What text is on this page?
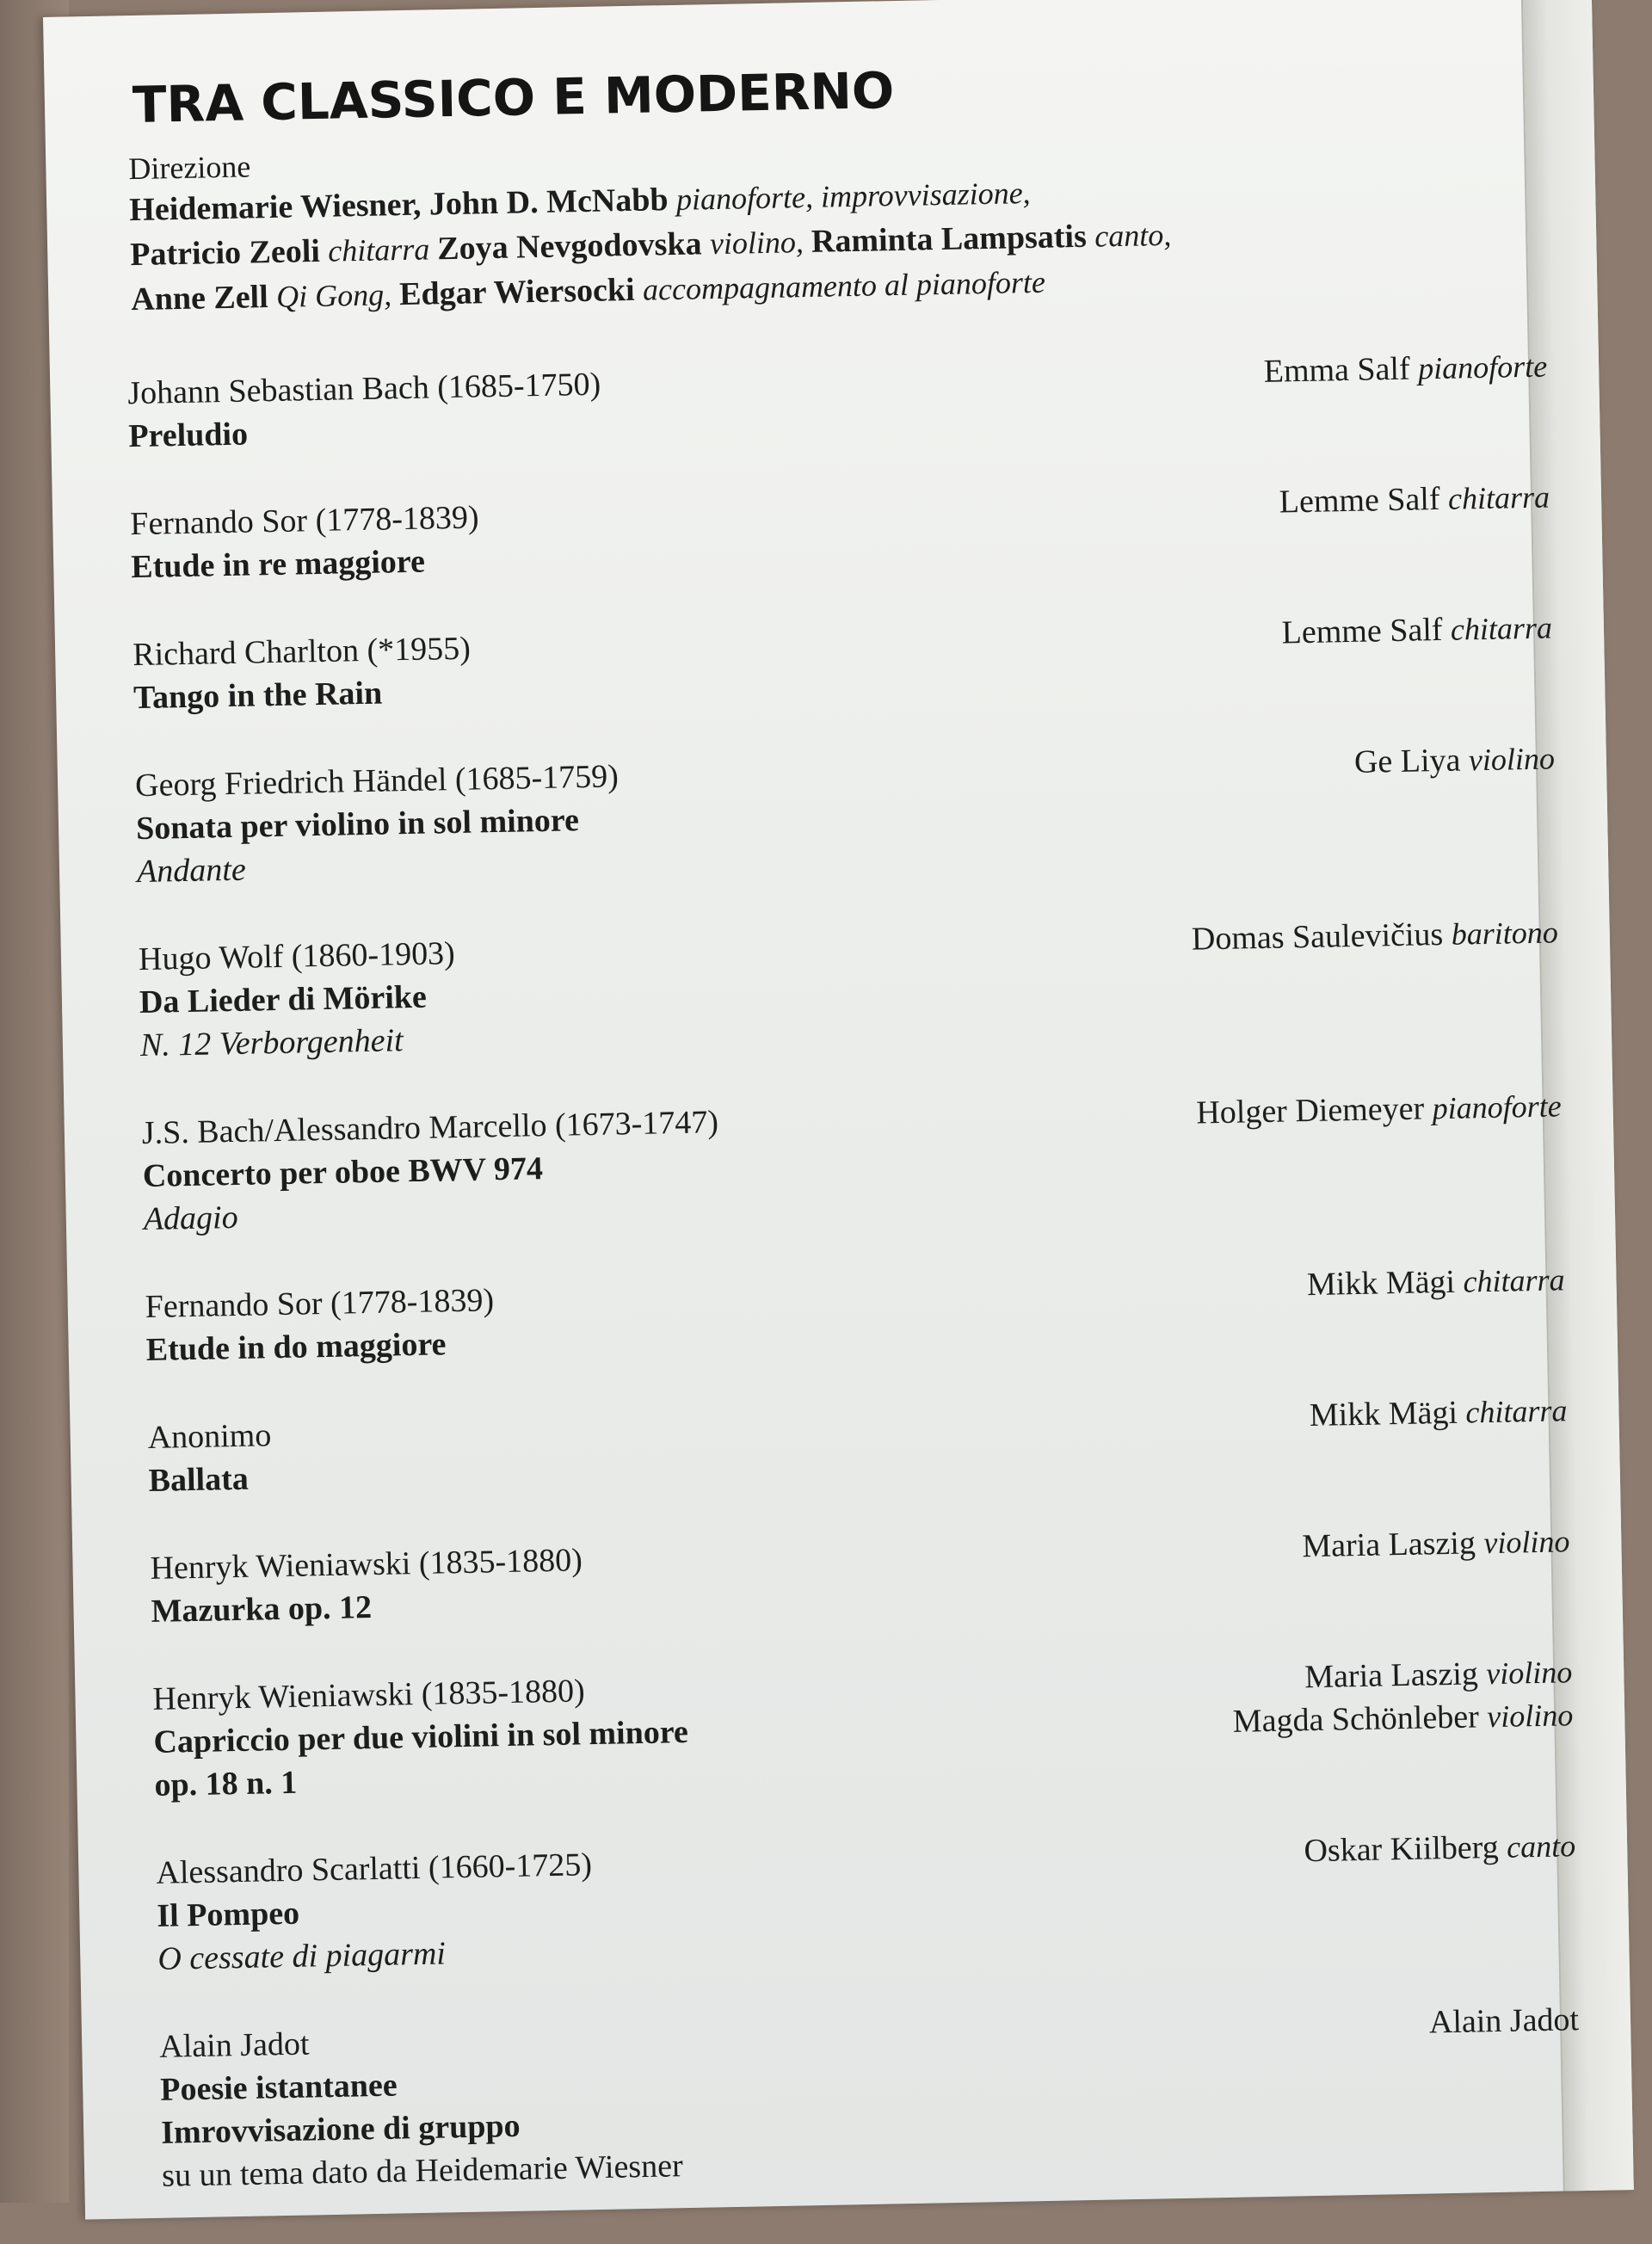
TRA CLASSICO E MODERNO
Direzione
Heidemarie Wiesner, John D. McNabb pianoforte, improvvisazione,
Patricio Zeoli chitarra Zoya Nevgodovska violino, Raminta Lampsatis canto,
Anne Zell Qi Gong, Edgar Wiersocki accompagnamento al pianoforte
Johann Sebastian Bach (1685-1750)
Preludio
Emma Salf pianoforte
Fernando Sor (1778-1839)
Etude in re maggiore
Lemme Salf chitarra
Richard Charlton (*1955)
Tango in the Rain
Lemme Salf chitarra
Georg Friedrich Händel (1685-1759)
Sonata per violino in sol minore
Andante
Ge Liya violino
Hugo Wolf (1860-1903)
Da Lieder di Mörike
N. 12 Verborgenheit
Domas Saulevičius baritono
J.S. Bach/Alessandro Marcello (1673-1747)
Concerto per oboe BWV 974
Adagio
Holger Diemeyer pianoforte
Fernando Sor (1778-1839)
Etude in do maggiore
Mikk Mägi chitarra
Anonimo
Ballata
Mikk Mägi chitarra
Henryk Wieniawski (1835-1880)
Mazurka op. 12
Maria Laszig violino
Henryk Wieniawski (1835-1880)
Capriccio per due violini in sol minore
op. 18 n. 1
Maria Laszig violino
Magda Schönleber violino
Alessandro Scarlatti (1660-1725)
Il Pompeo
O cessate di piagarmi
Oskar Kiilberg canto
Alain Jadot
Poesie istantanee
Imrovvisazione di gruppo
su un tema dato da Heidemarie Wiesner
Alain Jadot
